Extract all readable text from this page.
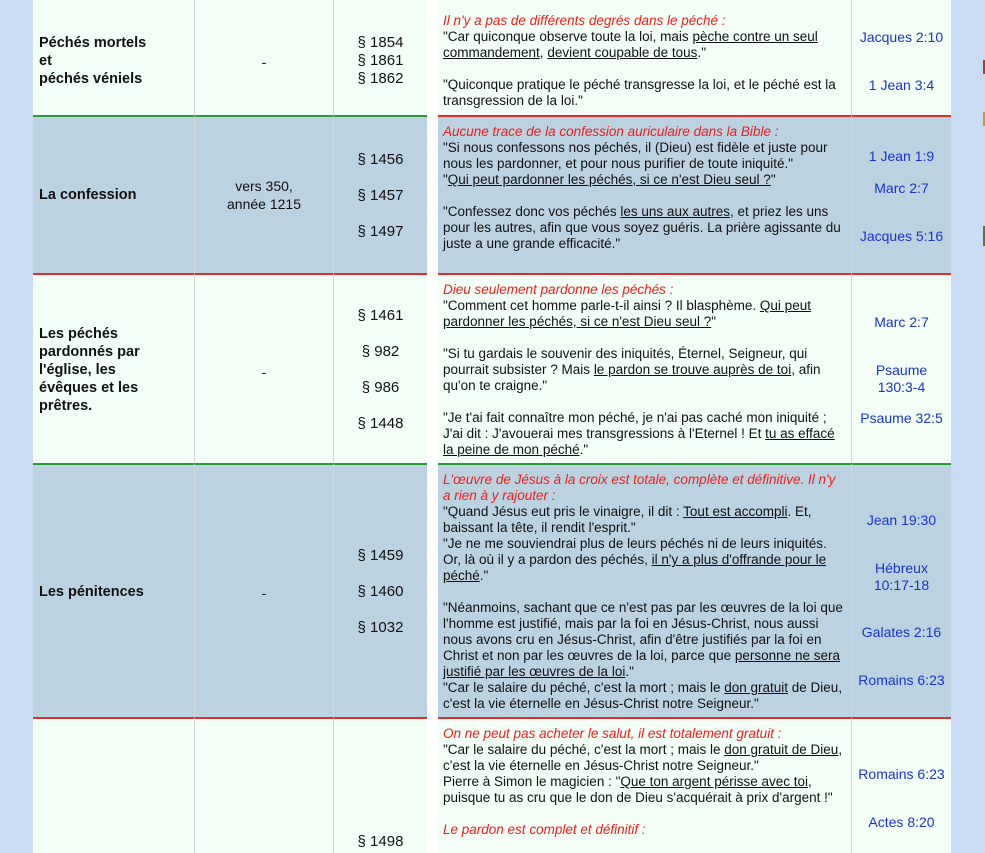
Péchés mortels
et
péchés véniels
-
§ 1854
§ 1861
§ 1862
Il n'y a pas de différents degrés dans le péché :
"Car quiconque observe toute la loi, mais pèche contre un seul commandement, devient coupable de tous."
"Quiconque pratique le péché transgresse la loi, et le péché est la transgression de la loi."
Jacques 2:10
1 Jean 3:4
La confession
vers 350,
année 1215
§ 1456
§ 1457
§ 1497
Aucune trace de la confession auriculaire dans la Bible :
"Si nous confessons nos péchés, il (Dieu) est fidèle et juste pour nous les pardonner, et pour nous purifier de toute iniquité."
"Qui peut pardonner les péchés, si ce n'est Dieu seul ?"
"Confessez donc vos péchés les uns aux autres, et priez les uns pour les autres, afin que vous soyez guéris. La prière agissante du juste a une grande efficacité."
1 Jean 1:9
Marc 2:7
Jacques 5:16
Les péchés
pardonnés par
l'église, les
évêques et les
prêtres.
-
§ 1461
§ 982
§ 986
§ 1448
Dieu seulement pardonne les péchés :
"Comment cet homme parle-t-il ainsi ? Il blasphème. Qui peut pardonner les péchés, si ce n'est Dieu seul ?"
"Si tu gardais le souvenir des iniquités, Éternel, Seigneur, qui pourrait subsister ? Mais le pardon se trouve auprès de toi, afin qu'on te craigne."
"Je t'ai fait connaître mon péché, je n'ai pas caché mon iniquité ; J'ai dit : J'avouerai mes transgressions à l'Eternel ! Et tu as effacé la peine de mon péché."
Marc 2:7
Psaume 130:3-4
Psaume 32:5
Les pénitences	-
§ 1459
§ 1460
§ 1032
L'œuvre de Jésus à la croix est totale, complète et définitive. Il n'y a rien à y rajouter :
"Quand Jésus eut pris le vinaigre, il dit : Tout est accompli. Et, baissant la tête, il rendit l'esprit."
"Je ne me souviendrai plus de leurs péchés ni de leurs iniquités. Or, là où il y a pardon des péchés, il n'y a plus d'offrande pour le péché."
"Néanmoins, sachant que ce n'est pas par les œuvres de la loi que l'homme est justifié, mais par la foi en Jésus-Christ, nous aussi nous avons cru en Jésus-Christ, afin d'être justifiés par la foi en Christ et non par les œuvres de la loi, parce que personne ne sera justifié par les œuvres de la loi."
"Car le salaire du péché, c'est la mort ; mais le don gratuit de Dieu, c'est la vie éternelle en Jésus-Christ notre Seigneur."
Jean 19:30
Hébreux 10:17-18
Galates 2:16
Romains 6:23
§ 1498
On ne peut pas acheter le salut, il est totalement gratuit :
"Car le salaire du péché, c'est la mort ; mais le don gratuit de Dieu, c'est la vie éternelle en Jésus-Christ notre Seigneur."
Pierre à Simon le magicien : "Que ton argent périsse avec toi, puisque tu as cru que le don de Dieu s'acquérait à prix d'argent !"
Le pardon est complet et définitif :
Romains 6:23
Actes 8:20
